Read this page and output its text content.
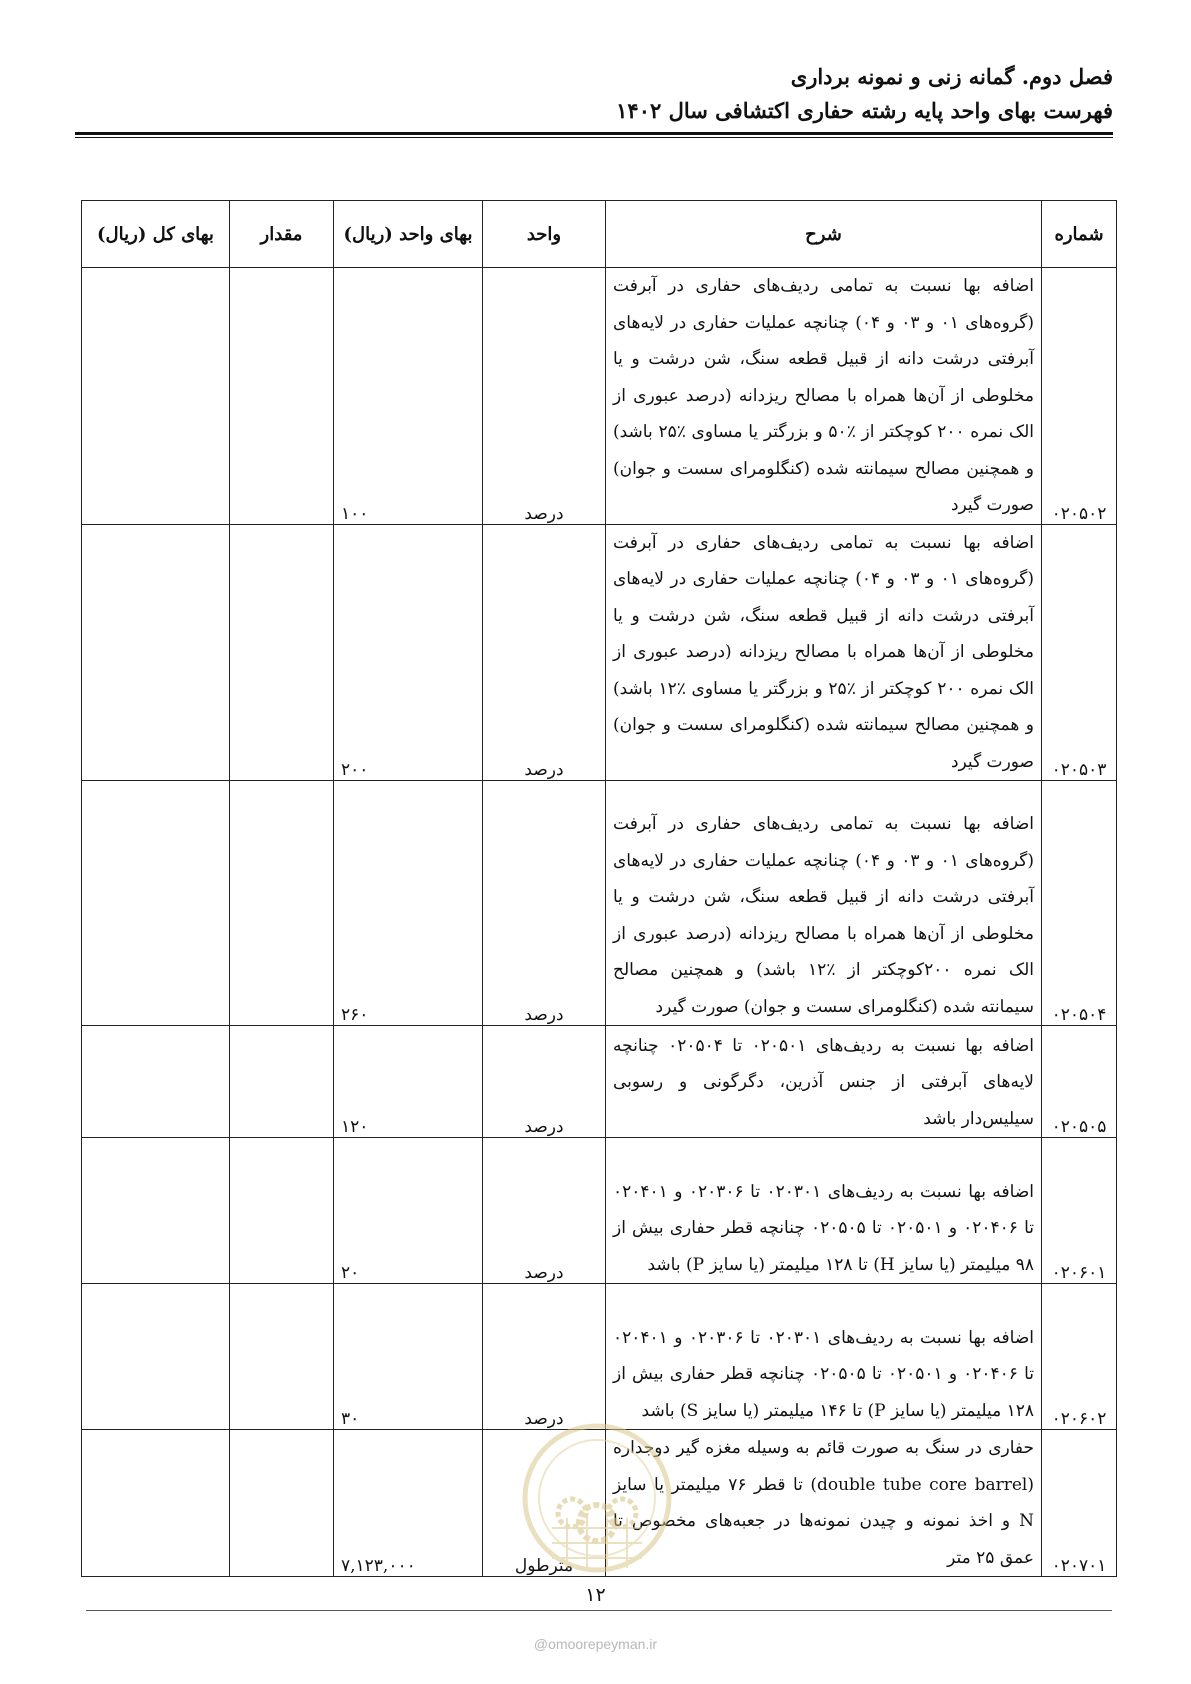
فصل دوم. گمانه زنی و نمونه برداری
فهرست بهای واحد پایه رشته حفاری اکتشافی سال ۱۴۰۲
شماره	شرح	واحد	بهای واحد (ریال)	مقدار	بهای کل (ریال)
۰۲۰۵۰۲	اضافه بها نسبت به تمامی ردیف‌های حفاری در آبرفت (گروه‌های ۰۱ و ۰۳ و ۰۴) چنانچه عملیات حفاری در لایه‌های آبرفتی درشت دانه از قبیل قطعه سنگ، شن درشت و یا مخلوطی از آن‌ها همراه با مصالح ریزدانه (درصد عبوری از الک نمره ۲۰۰ کوچکتر از ٪۵۰ و بزرگتر یا مساوی ٪۲۵ باشد) و همچنین مصالح سیمانته شده (کنگلومرای سست و جوان) صورت گیرد	درصد	۱۰۰		
۰۲۰۵۰۳	اضافه بها نسبت به تمامی ردیف‌های حفاری در آبرفت (گروه‌های ۰۱ و ۰۳ و ۰۴) چنانچه عملیات حفاری در لایه‌های آبرفتی درشت دانه از قبیل قطعه سنگ، شن درشت و یا مخلوطی از آن‌ها همراه با مصالح ریزدانه (درصد عبوری از الک نمره ۲۰۰ کوچکتر از ٪۲۵ و بزرگتر یا مساوی ٪۱۲ باشد) و همچنین مصالح سیمانته شده (کنگلومرای سست و جوان) صورت گیرد	درصد	۲۰۰		
۰۲۰۵۰۴	اضافه بها نسبت به تمامی ردیف‌های حفاری در آبرفت (گروه‌های ۰۱ و ۰۳ و ۰۴) چنانچه عملیات حفاری در لایه‌های آبرفتی درشت دانه از قبیل قطعه سنگ، شن درشت و یا مخلوطی از آن‌ها همراه با مصالح ریزدانه (درصد عبوری از الک نمره ۲۰۰کوچکتر از ٪۱۲ باشد) و همچنین مصالح سیمانته شده (کنگلومرای سست و جوان) صورت گیرد	درصد	۲۶۰		
۰۲۰۵۰۵	اضافه بها نسبت به ردیف‌های ۰۲۰۵۰۱ تا ۰۲۰۵۰۴ چنانچه لایه‌های آبرفتی از جنس آذرین، دگرگونی و رسوبی سیلیس‌دار باشد	درصد	۱۲۰		
۰۲۰۶۰۱	اضافه بها نسبت به ردیف‌های ۰۲۰۳۰۱ تا ۰۲۰۳۰۶ و ۰۲۰۴۰۱ تا ۰۲۰۴۰۶ و ۰۲۰۵۰۱ تا ۰۲۰۵۰۵ چنانچه قطر حفاری بیش از ۹۸ میلیمتر (یا سایز H) تا ۱۲۸ میلیمتر (یا سایز P) باشد	درصد	۲۰		
۰۲۰۶۰۲	اضافه بها نسبت به ردیف‌های ۰۲۰۳۰۱ تا ۰۲۰۳۰۶ و ۰۲۰۴۰۱ تا ۰۲۰۴۰۶ و ۰۲۰۵۰۱ تا ۰۲۰۵۰۵ چنانچه قطر حفاری بیش از ۱۲۸ میلیمتر (یا سایز P) تا ۱۴۶ میلیمتر (یا سایز S) باشد	درصد	۳۰		
۰۲۰۷۰۱	حفاری در سنگ به صورت قائم به وسیله مغزه گیر دوجداره (double tube core barrel) تا قطر ۷۶ میلیمتر یا سایز N و اخذ نمونه و چیدن نمونه‌ها در جعبه‌های مخصوص تا عمق ۲۵ متر	مترطول	۷,۱۲۳,۰۰۰		
۱۲
@omoorepeyman.ir
